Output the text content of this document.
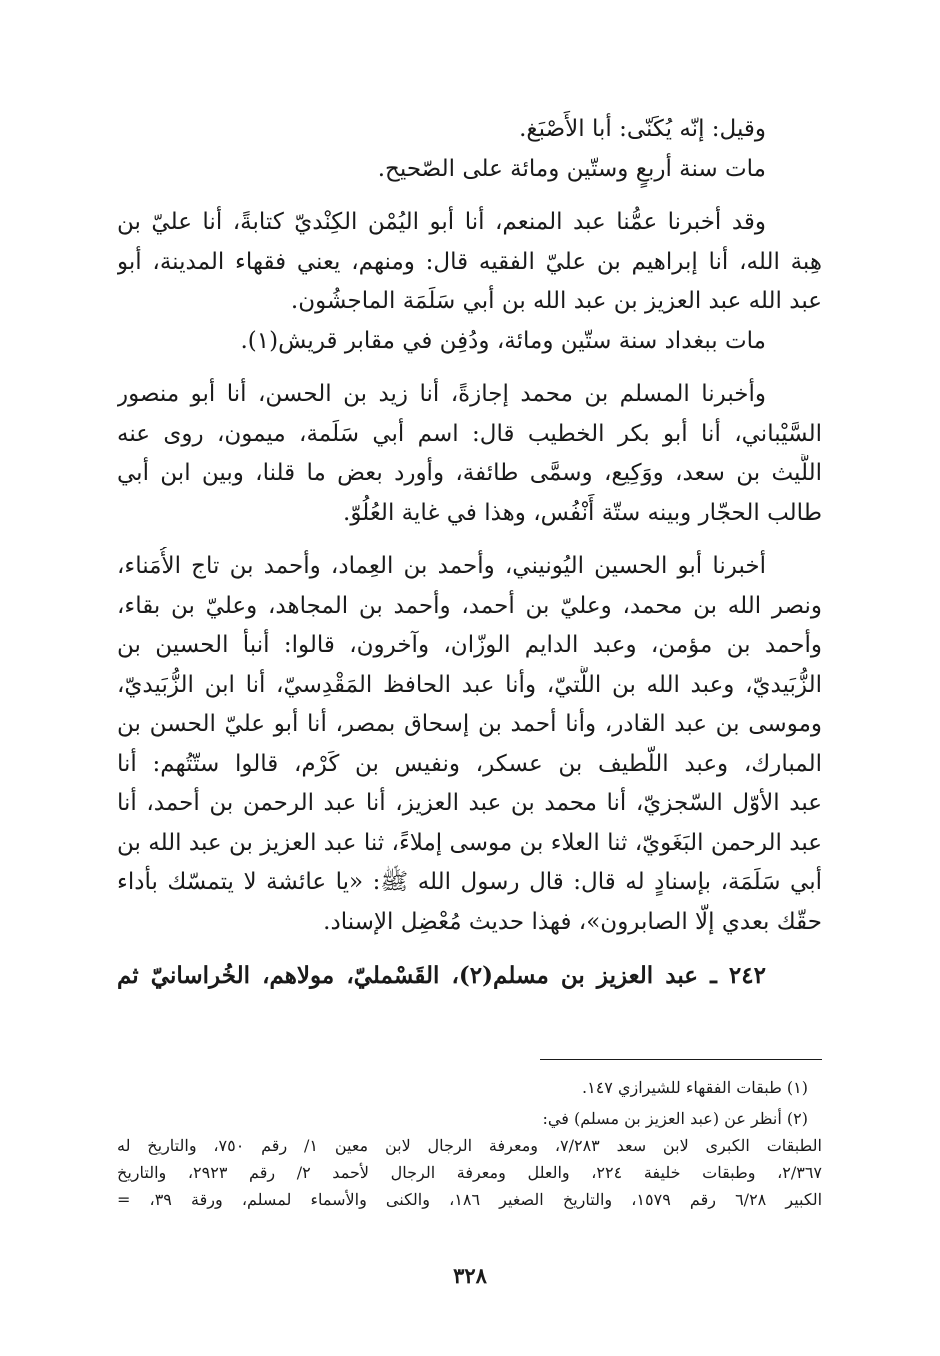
وقيل: إنّه يُكَنّى: أبا الأَصْبَغ.
مات سنة أربعٍ وستّين ومائة على الصّحيح.
وقد أخبرنا عمُّنا عبد المنعم، أنا أبو اليُمْن الكِنْديّ كتابةً، أنا عليّ بن
هِبة الله، أنا إبراهيم بن عليّ الفقيه قال: ومنهم، يعني فقهاء المدينة، أبو
عبد الله عبد العزيز بن عبد الله بن أبي سَلَمَة الماجشُون.
مات ببغداد سنة ستّين ومائة، ودُفِن في مقابر قريش(١).
وأخبرنا المسلم بن محمد إجازةً، أنا زيد بن الحسن، أنا أبو منصور
السَّيْباني، أنا أبو بكر الخطيب قال: اسم أبي سَلَمة، ميمون، روى عنه
اللَّيث بن سعد، ووَكِيع، وسمَّى طائفة، وأورد بعض ما قلنا، وبين ابن أبي
طالب الحجّار وبينه ستّة أَنْفُس، وهذا في غاية العُلُوّ.
أخبرنا أبو الحسين اليُونيني، وأحمد بن العِماد، وأحمد بن تاج الأُمَناء،
ونصر الله بن محمد، وعليّ بن أحمد، وأحمد بن المجاهد، وعليّ بن بقاء،
وأحمد بن مؤمن، وعبد الدايم الوزّان، وآخرون، قالوا: أنبأ الحسين بن
الزُّبَيديّ، وعبد الله بن اللُّتيّ، وأنا عبد الحافظ المَقْدِسيّ، أنا ابن الزُّبَيديّ،
وموسى بن عبد القادر، وأنا أحمد بن إسحاق بمصر، أنا أبو عليّ الحسن بن
المبارك، وعبد اللّطيف بن عسكر، ونفيس بن كَرْم، قالوا ستّتُهم: أنا
عبد الأوّل السّجزيّ، أنا محمد بن عبد العزيز، أنا عبد الرحمن بن أحمد، أنا
عبد الرحمن البَغَويّ، ثنا العلاء بن موسى إملاءً، ثنا عبد العزيز بن عبد الله بن
أبي سَلَمَة، بإسنادٍ له قال: قال رسول الله ﷺ: «يا عائشة لا يتمسّك بأداء
حقّك بعدي إلّا الصابرون»، فهذا حديث مُعْضِل الإسناد.
٢٤٢ ـ عبد العزيز بن مسلم(٢)، القَسْمليّ، مولاهم، الخُراسانيّ ثم
(١) طبقات الفقهاء للشيرازي ١٤٧.
(٢) أنظر عن (عبد العزيز بن مسلم) في:
الطبقات الكبرى لابن سعد ٧/٢٨٣، ومعرفة الرجال لابن معين ١/ رقم ٧٥٠، والتاريخ له
٢/٣٦٧، وطبقات خليفة ٢٢٤، والعلل ومعرفة الرجال لأحمد ٢/ رقم ٢٩٢٣، والتاريخ
الكبير ٦/٢٨ رقم ١٥٧٩، والتاريخ الصغير ١٨٦، والكنى والأسماء لمسلم، ورقة ٣٩، =
٣٢٨
